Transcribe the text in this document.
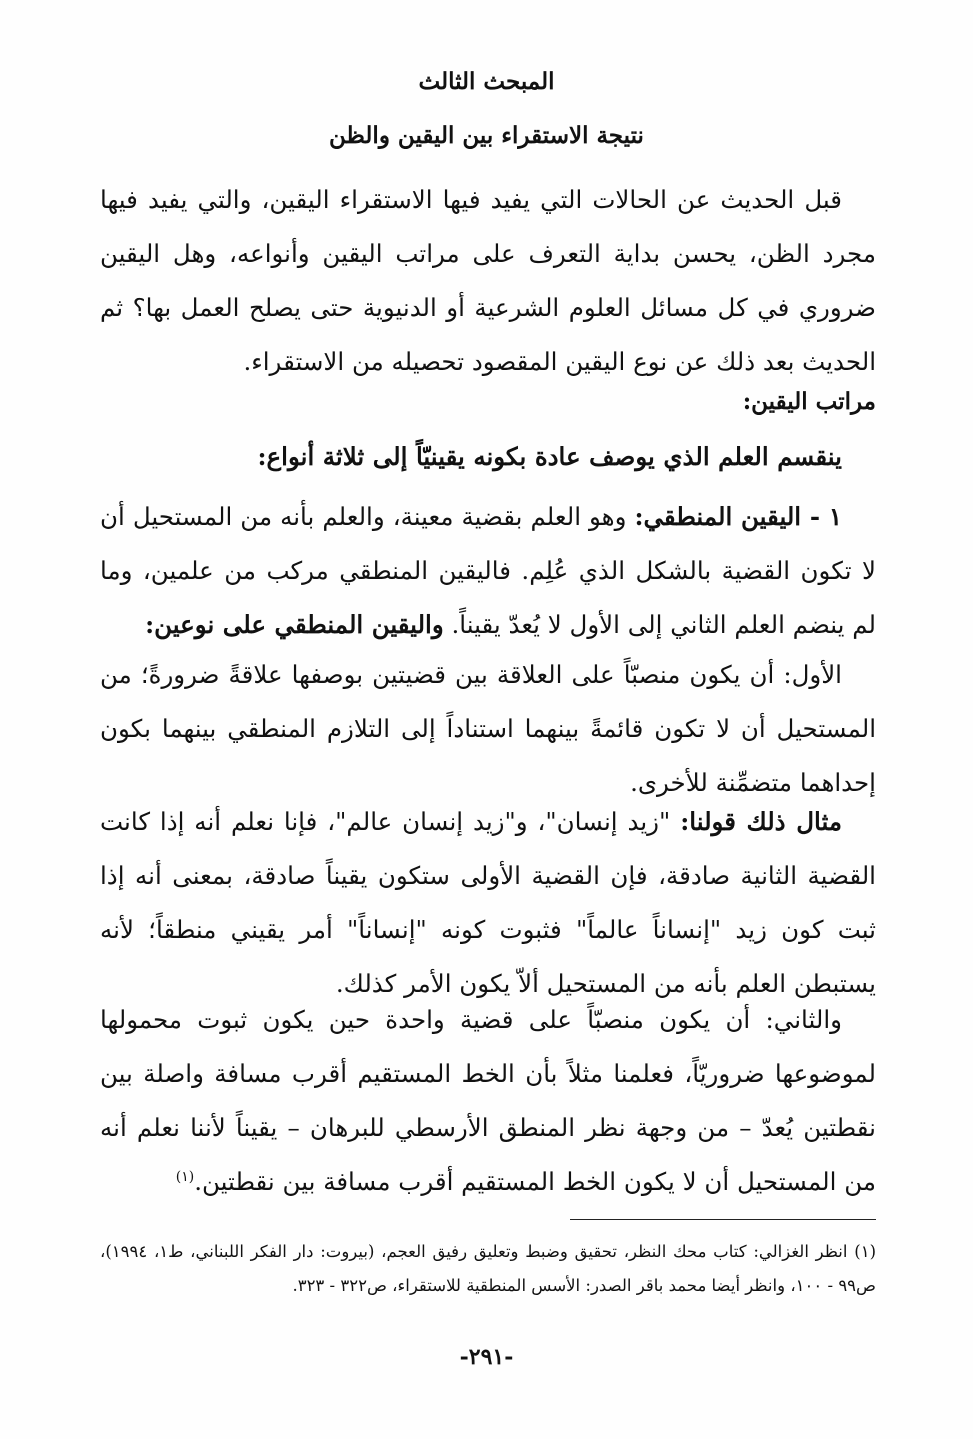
المبحث الثالث
نتيجة الاستقراء بين اليقين والظن
قبل الحديث عن الحالات التي يفيد فيها الاستقراء اليقين، والتي يفيد فيها مجرد الظن، يحسن بداية التعرف على مراتب اليقين وأنواعه، وهل اليقين ضروري في كل مسائل العلوم الشرعية أو الدنيوية حتى يصلح العمل بها؟ ثم الحديث بعد ذلك عن نوع اليقين المقصود تحصيله من الاستقراء.
مراتب اليقين:
ينقسم العلم الذي يوصف عادة بكونه يقينيّاً إلى ثلاثة أنواع:
١ - اليقين المنطقي: وهو العلم بقضية معينة، والعلم بأنه من المستحيل أن لا تكون القضية بالشكل الذي عُلِم. فاليقين المنطقي مركب من علمين، وما لم ينضم العلم الثاني إلى الأول لا يُعدّ يقيناً. واليقين المنطقي على نوعين:
الأول: أن يكون منصبّاً على العلاقة بين قضيتين بوصفها علاقةً ضرورةً؛ من المستحيل أن لا تكون قائمةً بينهما استناداً إلى التلازم المنطقي بينهما بكون إحداهما متضمِّنة للأخرى.
مثال ذلك قولنا: "زيد إنسان"، و"زيد إنسان عالم"، فإنا نعلم أنه إذا كانت القضية الثانية صادقة، فإن القضية الأولى ستكون يقيناً صادقة، بمعنى أنه إذا ثبت كون زيد "إنساناً عالماً" فثبوت كونه "إنساناً" أمر يقيني منطقاً؛ لأنه يستبطن العلم بأنه من المستحيل ألاّ يكون الأمر كذلك.
والثاني: أن يكون منصبّاً على قضية واحدة حين يكون ثبوت محمولها لموضوعها ضروريّاً، فعلمنا مثلاً بأن الخط المستقيم أقرب مسافة واصلة بين نقطتين يُعدّ – من وجهة نظر المنطق الأرسطي للبرهان – يقيناً لأننا نعلم أنه من المستحيل أن لا يكون الخط المستقيم أقرب مسافة بين نقطتين.$^{(١)}$
(١) انظر الغزالي: كتاب محك النظر، تحقيق وضبط وتعليق رفيق العجم، (بيروت: دار الفكر اللبناني، ط١، ١٩٩٤)، ص٩٩ - ١٠٠، وانظر أيضا محمد باقر الصدر: الأسس المنطقية للاستقراء، ص٣٢٢ - ٣٢٣.
-٢٩١-
